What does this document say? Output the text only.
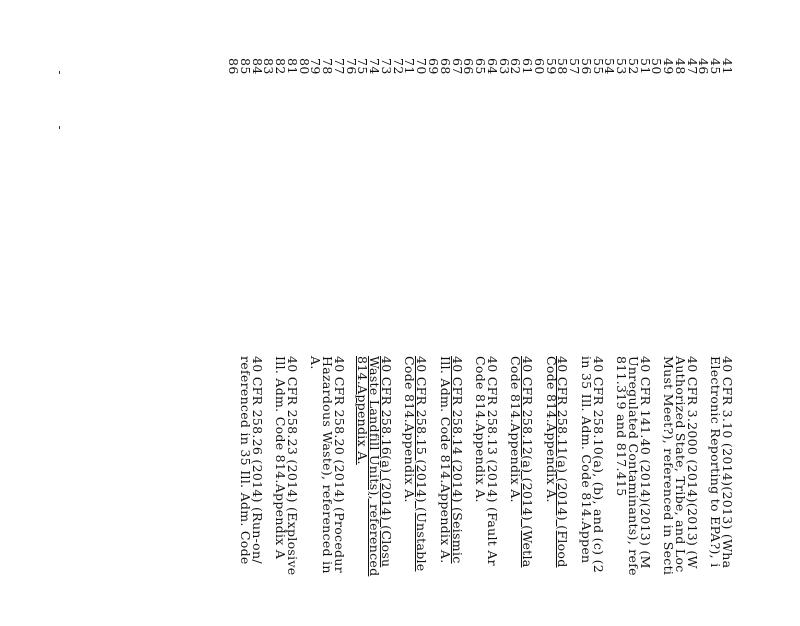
41
45
46
47
48
49
50
51
52
53
54
55
56
57
58
59
60
61
62
63
64
65
66
67
68
69
70
71
72
73
74
75
76
77
78
79
80
81
82
83
84
85
86
40 CFR 3.10 (2014)(2013) (Wha
Electronic Reporting to EPA?), i
40 CFR 3.2000 (2014)(2013) (W
Authorized State, Tribe, and Loc
Must Meet?), referenced in Secti
40 CFR 141.40 (2014)(2013) (M
Unregulated Contaminants), refe
811.319 and 817.415
40 CFR 258.10(a), (b), and (c) (2
in 35 Ill. Adm. Code 814.Appen
40 CFR 258.11(a) (2014) (Flood
Code 814.Appendix A.
40 CFR 258.12(a) (2014) (Wetla
Code 814.Appendix A.
40 CFR 258.13 (2014) (Fault Ar
Code 814.Appendix A.
40 CFR 258.14 (2014) (Seismic
Ill. Adm. Code 814.Appendix A.
40 CFR 258.15 (2014) (Unstable
Code 814.Appendix A.
40 CFR 258.16(a) (2014) (Closu
Waste Landfill Units), referenced
814.Appendix A.
40 CFR 258.20 (2014) (Procedur
Hazardous Waste), referenced in
A.
40 CFR 258.23 (2014) (Explosive
Ill. Adm. Code 814.Appendix A
40 CFR 258.26 (2014) (Run-on/
referenced in 35 Ill. Adm. Code
